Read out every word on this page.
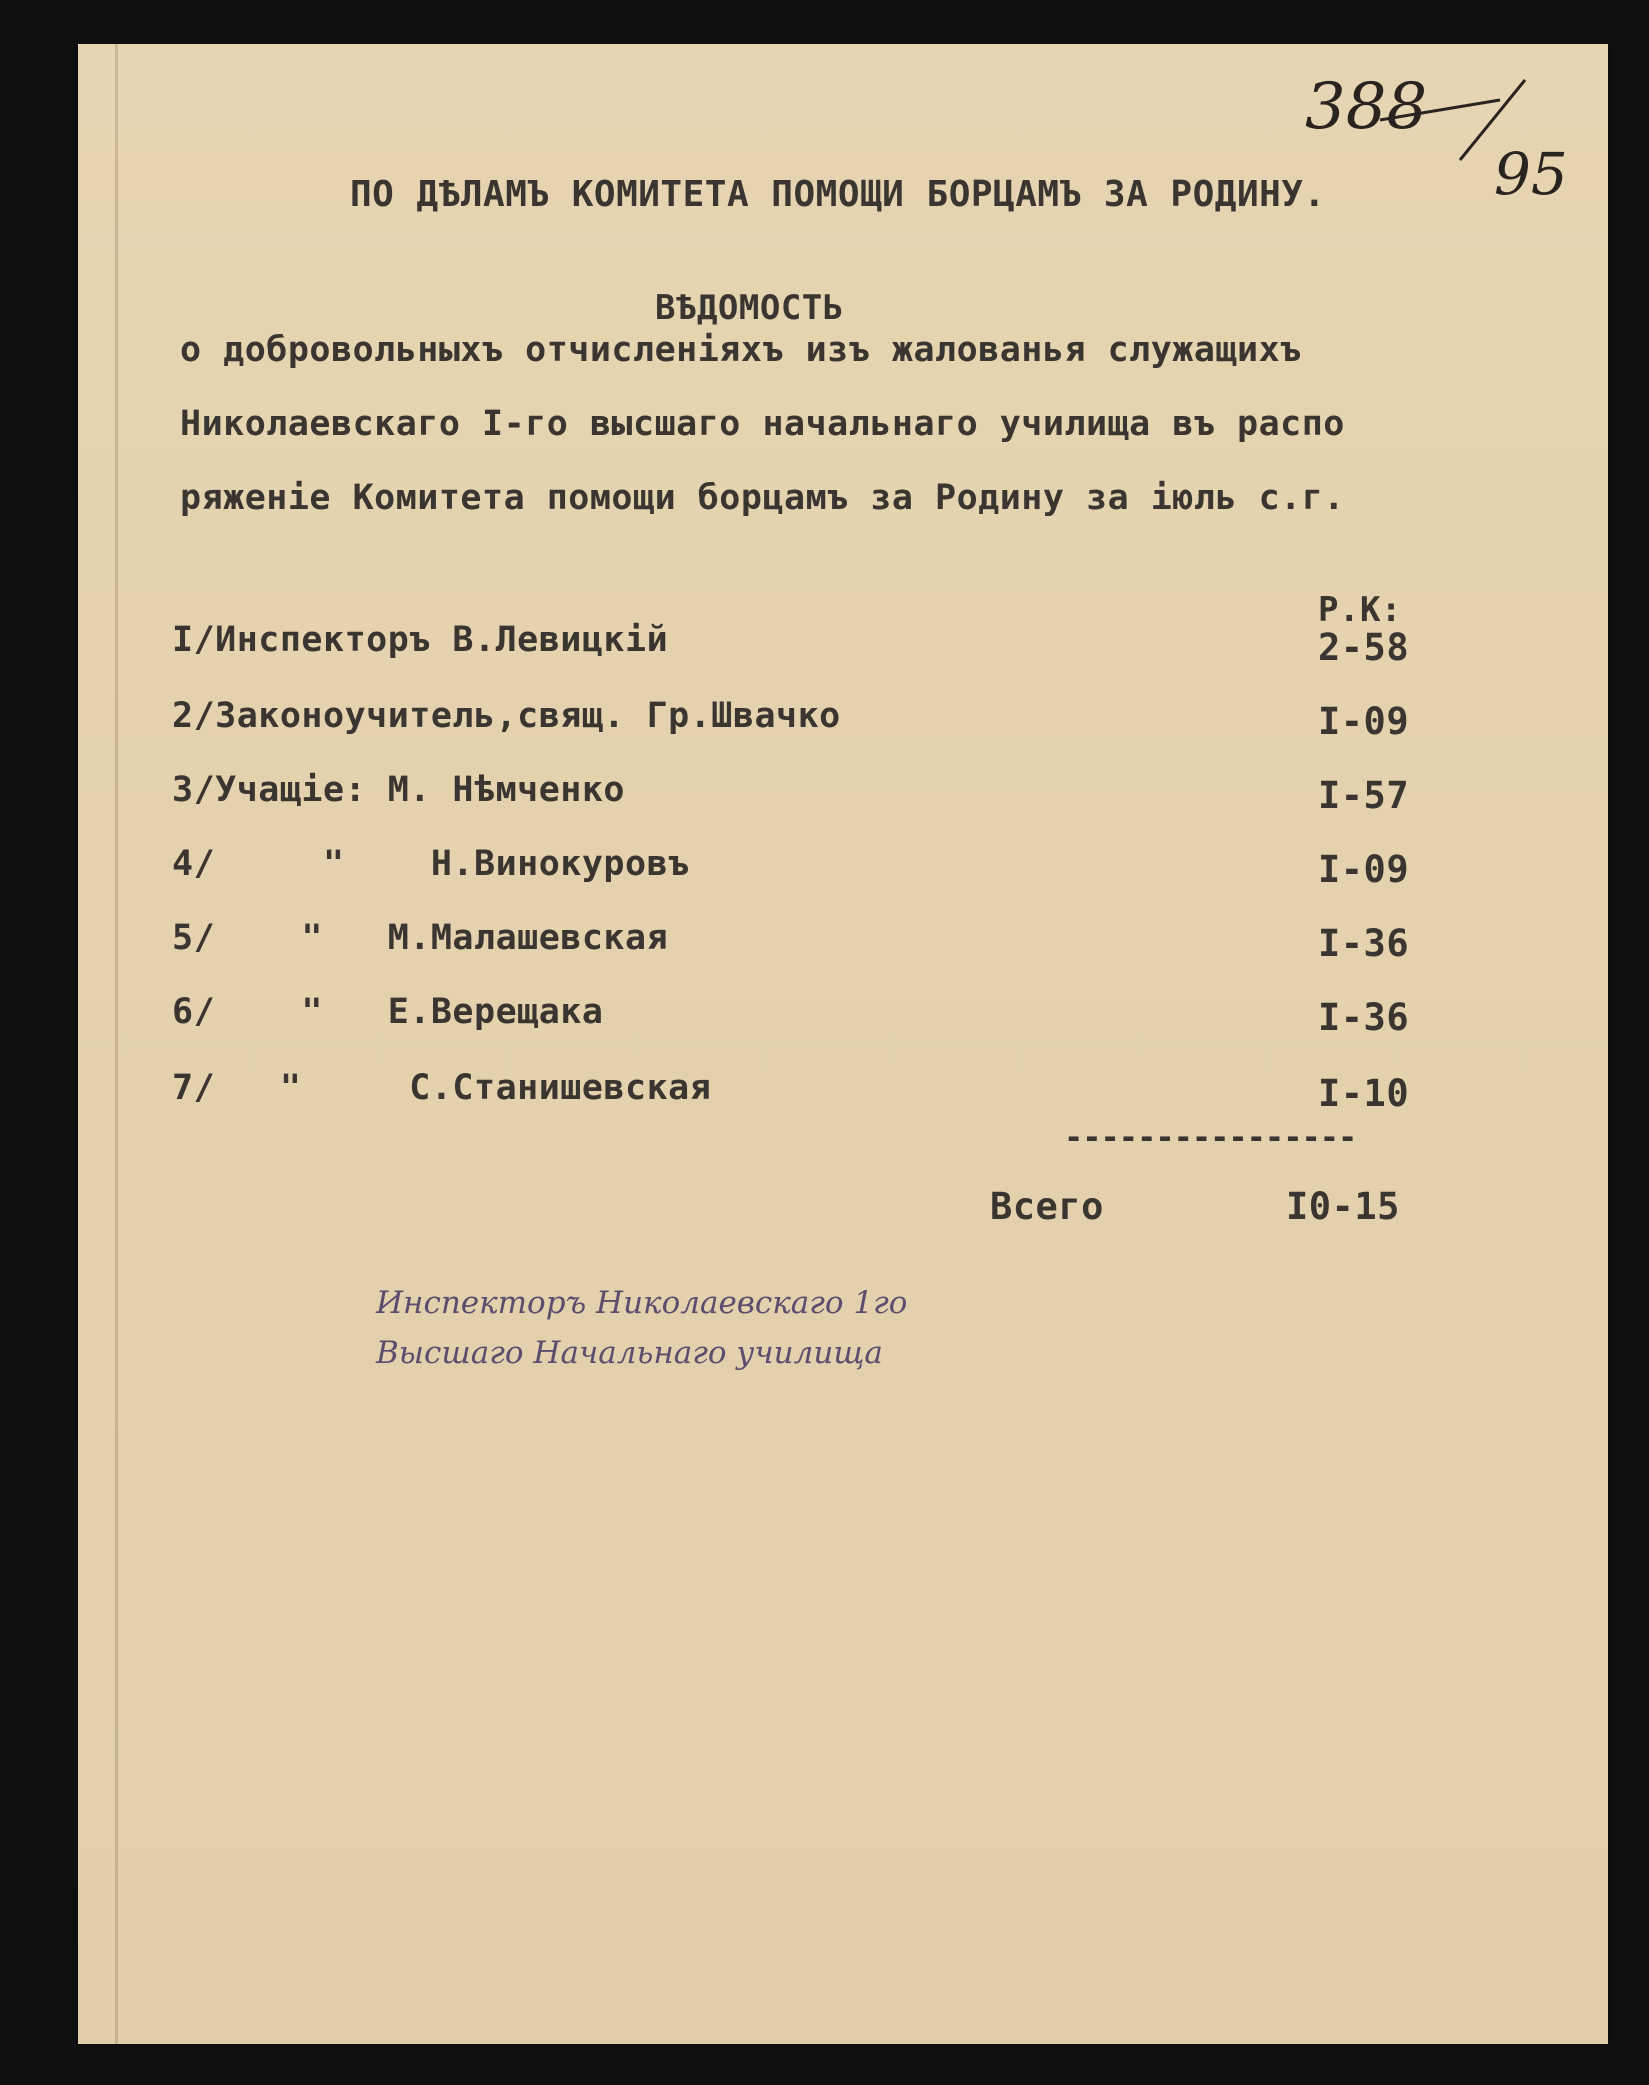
388
95
ПО ДѢЛАМЪ КОМИТЕТА ПОМОЩИ БОРЦАМЪ ЗА РОДИНУ.
ВѢДОМОСТЬ
о добровольныхъ отчисленіяхъ изъ жалованья служащихъ
Николаевскаго I-го высшаго начальнаго училища въ распо
ряженіе Комитета помощи борцамъ за Родину за іюль с.г.
Р.К:
I/Инспекторъ В.Левицкій	2-58
2/Законоучитель,свящ. Гр.Швачко	I-09
3/Учащіе: М. Нѣмченко	I-57
4/     "    Н.Винокуровъ	I-09
5/    "   М.Малашевская	I-36
6/    "   Е.Верещака	I-36
7/   "     С.Станишевская	I-10
----------------
Всего	I0-15
Инспекторъ Николаевскаго 1го
Высшаго Начальнаго училища
